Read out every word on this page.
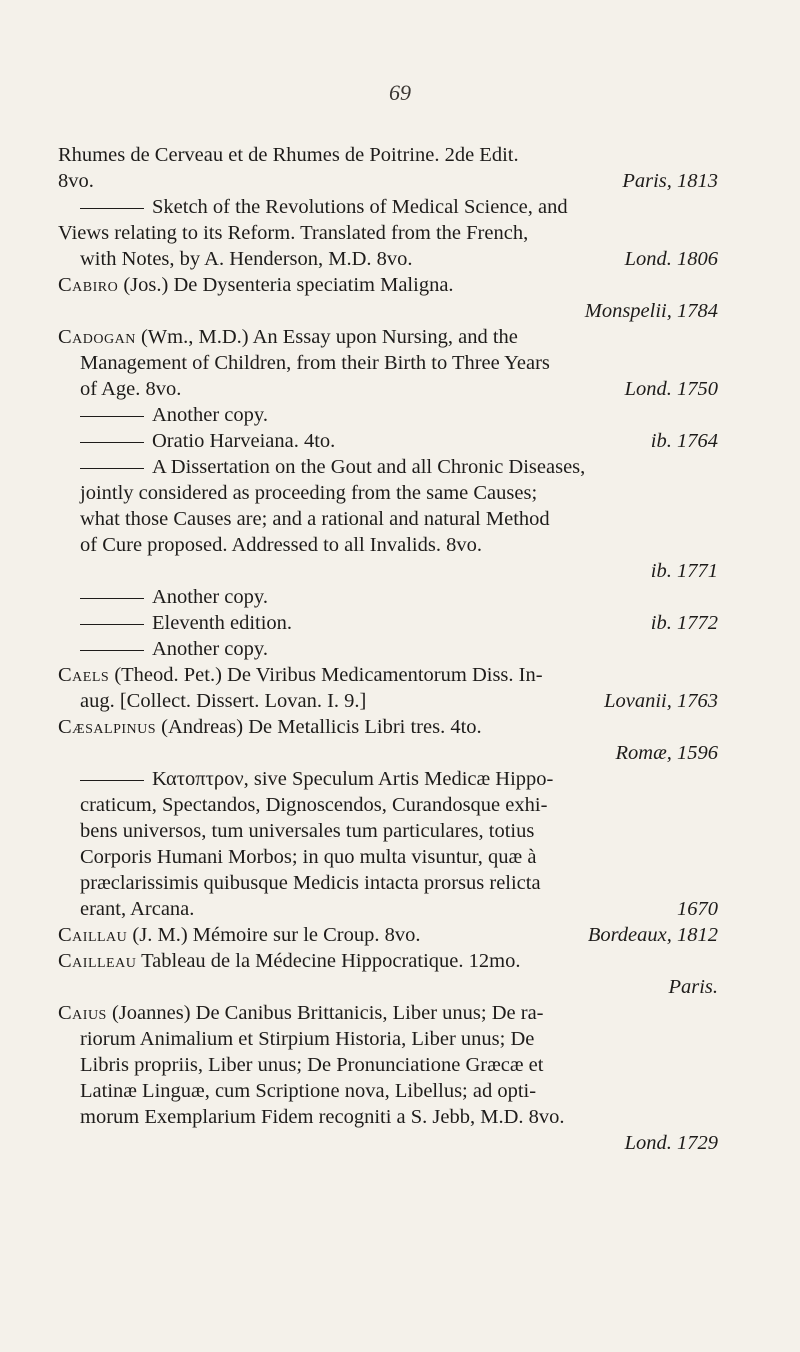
69
Rhumes de Cerveau et de Rhumes de Poitrine. 2de Edit.
8vo.	Paris, 1813
Sketch of the Revolutions of Medical Science, and
Views relating to its Reform. Translated from the French,
with Notes, by A. Henderson, M.D. 8vo.	Lond. 1806
Cabiro (Jos.) De Dysenteria speciatim Maligna.
Monspelii, 1784
Cadogan (Wm., M.D.) An Essay upon Nursing, and the
Management of Children, from their Birth to Three Years
of Age. 8vo.	Lond. 1750
Another copy.
Oratio Harveiana. 4to.	ib. 1764
A Dissertation on the Gout and all Chronic Diseases,
jointly considered as proceeding from the same Causes;
what those Causes are; and a rational and natural Method
of Cure proposed. Addressed to all Invalids. 8vo.
ib. 1771
Another copy.
Eleventh edition.	ib. 1772
Another copy.
Caels (Theod. Pet.) De Viribus Medicamentorum Diss. In-
aug. [Collect. Dissert. Lovan. I. 9.]	Lovanii, 1763
Cæsalpinus (Andreas) De Metallicis Libri tres. 4to.
Romæ, 1596
Κατοπτρον, sive Speculum Artis Medicæ Hippo-
craticum, Spectandos, Dignoscendos, Curandosque exhi-
bens universos, tum universales tum particulares, totius
Corporis Humani Morbos; in quo multa visuntur, quæ à
præclarissimis quibusque Medicis intacta prorsus relicta
erant, Arcana.	1670
Caillau (J. M.) Mémoire sur le Croup. 8vo.	Bordeaux, 1812
Cailleau Tableau de la Médecine Hippocratique. 12mo.
Paris.
Caius (Joannes) De Canibus Brittanicis, Liber unus; De ra-
riorum Animalium et Stirpium Historia, Liber unus; De
Libris propriis, Liber unus; De Pronunciatione Græcæ et
Latinæ Linguæ, cum Scriptione nova, Libellus; ad opti-
morum Exemplarium Fidem recogniti a S. Jebb, M.D. 8vo.
Lond. 1729
